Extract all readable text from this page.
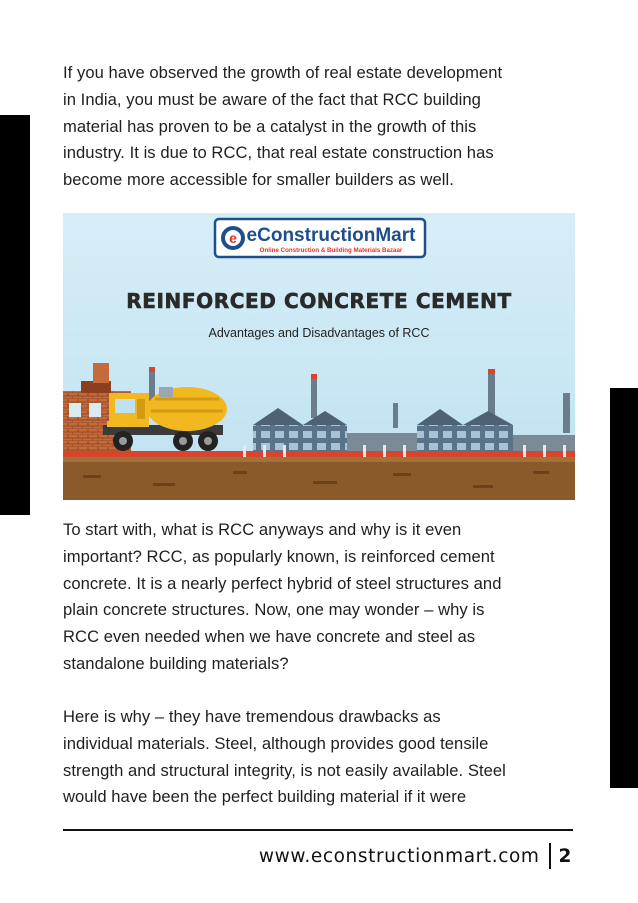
If you have observed the growth of real estate development
in India, you must be aware of the fact that RCC building
material has proven to be a catalyst in the growth of this
industry. It is due to RCC, that real estate construction has
become more accessible for smaller builders as well.
e eConstructionMart
Online Construction & Building Materials Bazaar
REINFORCED CONCRETE CEMENT
Advantages and Disadvantages of RCC
To start with, what is RCC anyways and why is it even
important? RCC, as popularly known, is reinforced cement
concrete. It is a nearly perfect hybrid of steel structures and
plain concrete structures. Now, one may wonder – why is
RCC even needed when we have concrete and steel as
standalone building materials?
Here is why – they have tremendous drawbacks as
individual materials. Steel, although provides good tensile
strength and structural integrity, is not easily available. Steel
would have been the perfect building material if it were
www.econstructionmart.com 2
